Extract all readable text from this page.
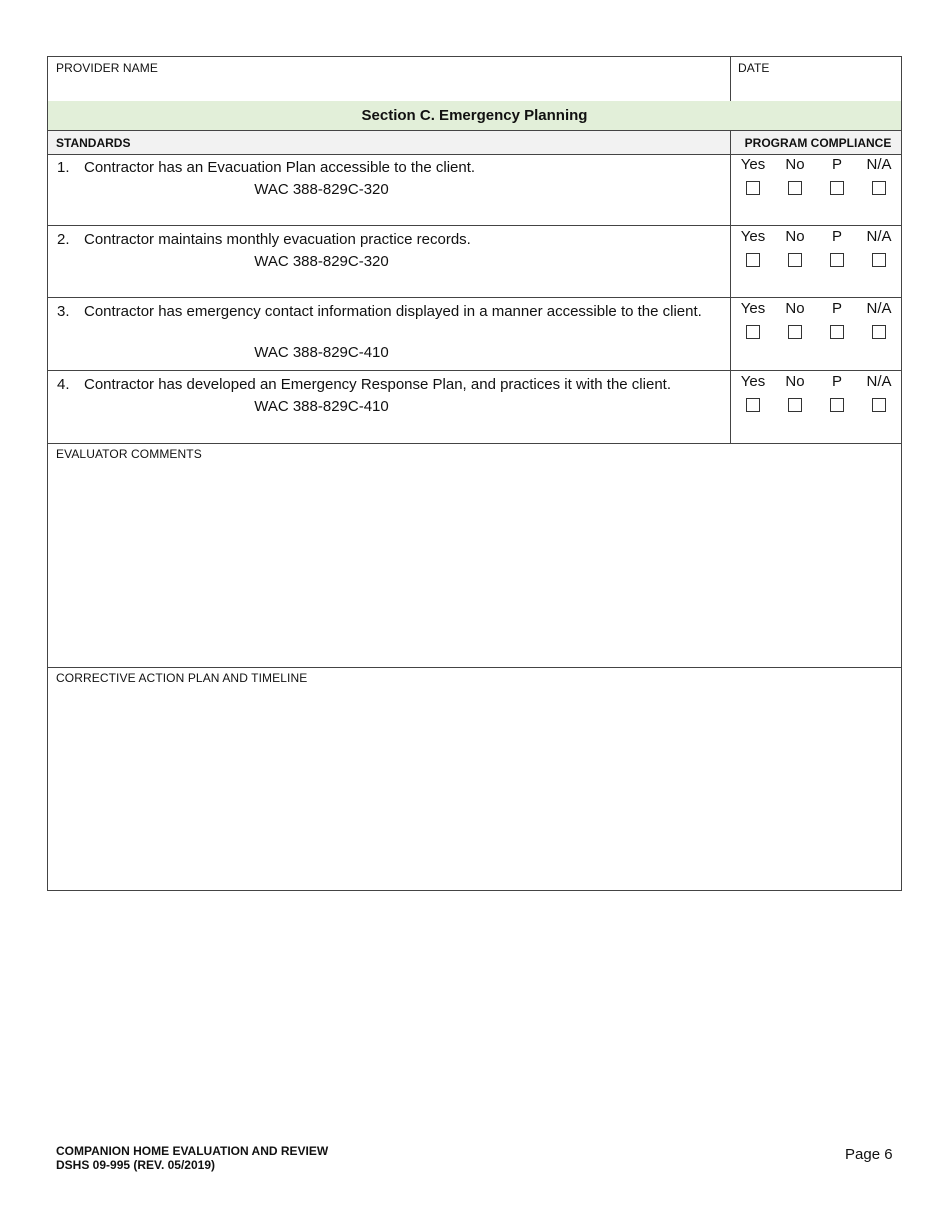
PROVIDER NAME	DATE
Section C. Emergency Planning
STANDARDS	PROGRAM COMPLIANCE
1. Contractor has an Evacuation Plan accessible to the client.
WAC 388-829C-320
Yes	No	P	N/A
2. Contractor maintains monthly evacuation practice records.
WAC 388-829C-320
Yes	No	P	N/A
3. Contractor has emergency contact information displayed in a manner accessible to the client.
WAC 388-829C-410
Yes	No	P	N/A
4. Contractor has developed an Emergency Response Plan, and practices it with the client.
WAC 388-829C-410
Yes	No	P	N/A
EVALUATOR COMMENTS
CORRECTIVE ACTION PLAN AND TIMELINE
COMPANION HOME EVALUATION AND REVIEW
DSHS 09-995 (REV. 05/2019)
Page 6
